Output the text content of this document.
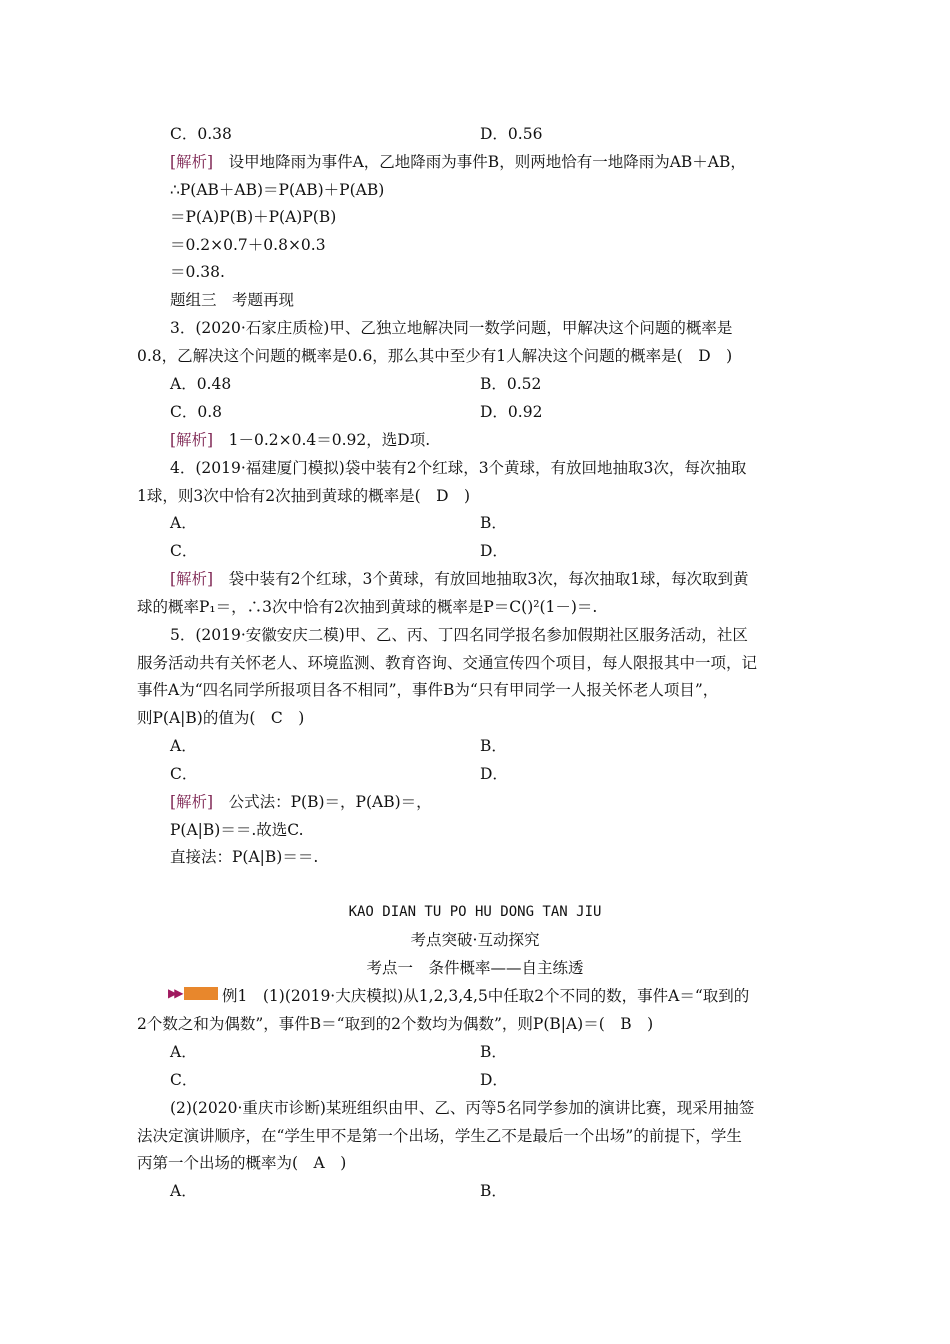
C．0.38	D．0.56
[解析]　设甲地降雨为事件A，乙地降雨为事件B，则两地恰有一地降雨为AB＋AB，
∴P(AB＋AB)＝P(AB)＋P(AB)
＝P(A)P(B)＋P(A)P(B)
＝0.2×0.7＋0.8×0.3
＝0.38.
题组三　考题再现
3．(2020·石家庄质检)甲、乙独立地解决同一数学问题，甲解决这个问题的概率是
0.8，乙解决这个问题的概率是0.6，那么其中至少有1人解决这个问题的概率是(　D　)
A．0.48	B．0.52
C．0.8	D．0.92
[解析]　1－0.2×0.4＝0.92，选D项.
4．(2019·福建厦门模拟)袋中装有2个红球，3个黄球，有放回地抽取3次，每次抽取
1球，则3次中恰有2次抽到黄球的概率是(　D　)
A．	B．
C．	D．
[解析]　袋中装有2个红球，3个黄球，有放回地抽取3次，每次抽取1球，每次取到黄
球的概率P₁＝，∴3次中恰有2次抽到黄球的概率是P＝C()²(1－)＝.
5．(2019·安徽安庆二模)甲、乙、丙、丁四名同学报名参加假期社区服务活动，社区
服务活动共有关怀老人、环境监测、教育咨询、交通宣传四个项目，每人限报其中一项，记
事件A为“四名同学所报项目各不相同”，事件B为“只有甲同学一人报关怀老人项目”，
则P(A|B)的值为(　C　)
A．	B．
C．	D．
[解析]　公式法：P(B)＝，P(AB)＝，
P(A|B)＝＝.故选C.
直接法：P(A|B)＝＝.
KAO DIAN TU PO HU DONG TAN JIU
考点突破·互动探究
考点一　条件概率——自主练透
▶▶	例1　(1)(2019·大庆模拟)从1,2,3,4,5中任取2个不同的数，事件A＝“取到的
2个数之和为偶数”，事件B＝“取到的2个数均为偶数”，则P(B|A)＝(　B　)
A．	B．
C．	D．
(2)(2020·重庆市诊断)某班组织由甲、乙、丙等5名同学参加的演讲比赛，现采用抽签
法决定演讲顺序，在“学生甲不是第一个出场，学生乙不是最后一个出场”的前提下，学生
丙第一个出场的概率为(　A　)
A．	B．
